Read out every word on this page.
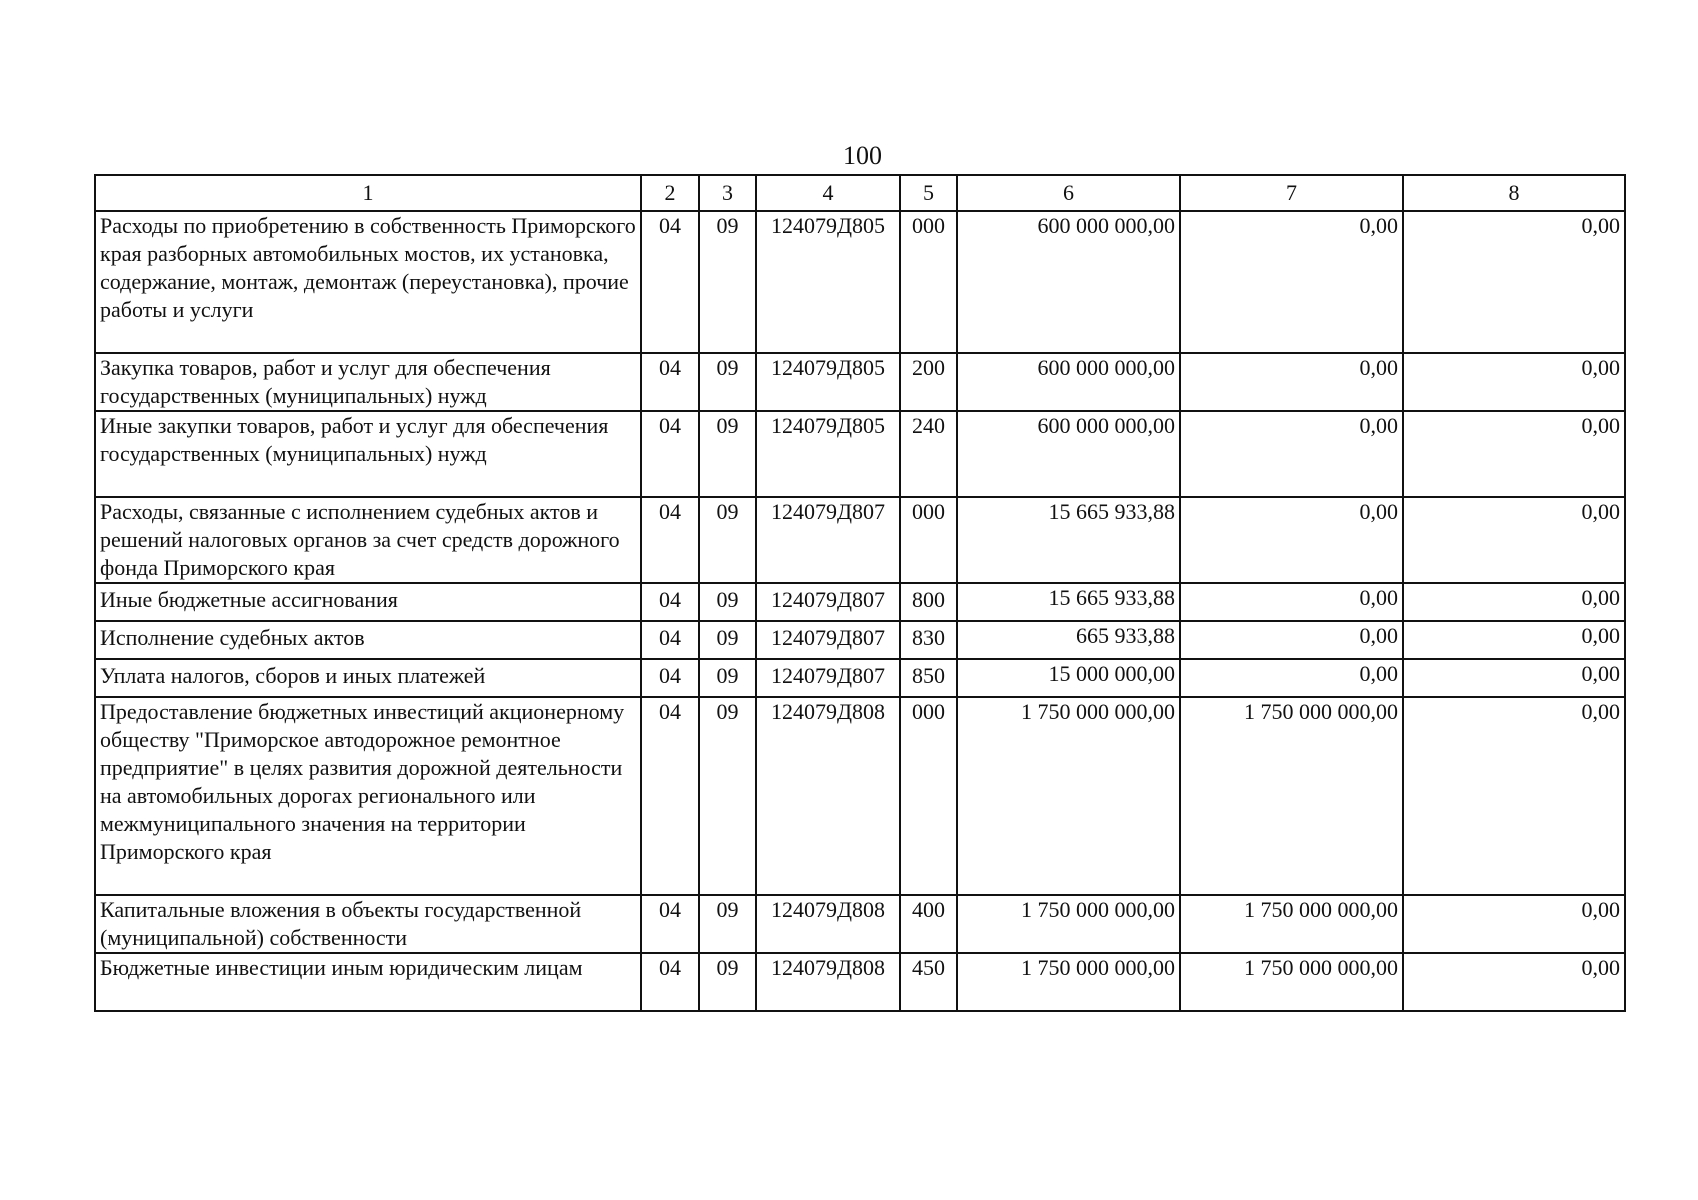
100
1	2	3	4	5	6	7	8
Расходы по приобретению в собственность Приморского края разборных автомобильных мостов, их установка, содержание, монтаж, демонтаж (переустановка), прочие работы и услуги	04	09	124079Д805	000	600 000 000,00	0,00	0,00
Закупка товаров, работ и услуг для обеспечения государственных (муниципальных) нужд	04	09	124079Д805	200	600 000 000,00	0,00	0,00
Иные закупки товаров, работ и услуг для обеспечения государственных (муниципальных) нужд	04	09	124079Д805	240	600 000 000,00	0,00	0,00
Расходы, связанные с исполнением судебных актов и решений налоговых органов за счет средств дорожного фонда Приморского края	04	09	124079Д807	000	15 665 933,88	0,00	0,00
Иные бюджетные ассигнования	04	09	124079Д807	800	15 665 933,88	0,00	0,00
Исполнение судебных актов	04	09	124079Д807	830	665 933,88	0,00	0,00
Уплата налогов, сборов и иных платежей	04	09	124079Д807	850	15 000 000,00	0,00	0,00
Предоставление бюджетных инвестиций акционерному обществу "Приморское автодорожное ремонтное предприятие" в целях развития дорожной деятельности на автомобильных дорогах регионального или межмуниципального значения на территории Приморского края	04	09	124079Д808	000	1 750 000 000,00	1 750 000 000,00	0,00
Капитальные вложения в объекты государственной (муниципальной) собственности	04	09	124079Д808	400	1 750 000 000,00	1 750 000 000,00	0,00
Бюджетные инвестиции иным юридическим лицам	04	09	124079Д808	450	1 750 000 000,00	1 750 000 000,00	0,00
